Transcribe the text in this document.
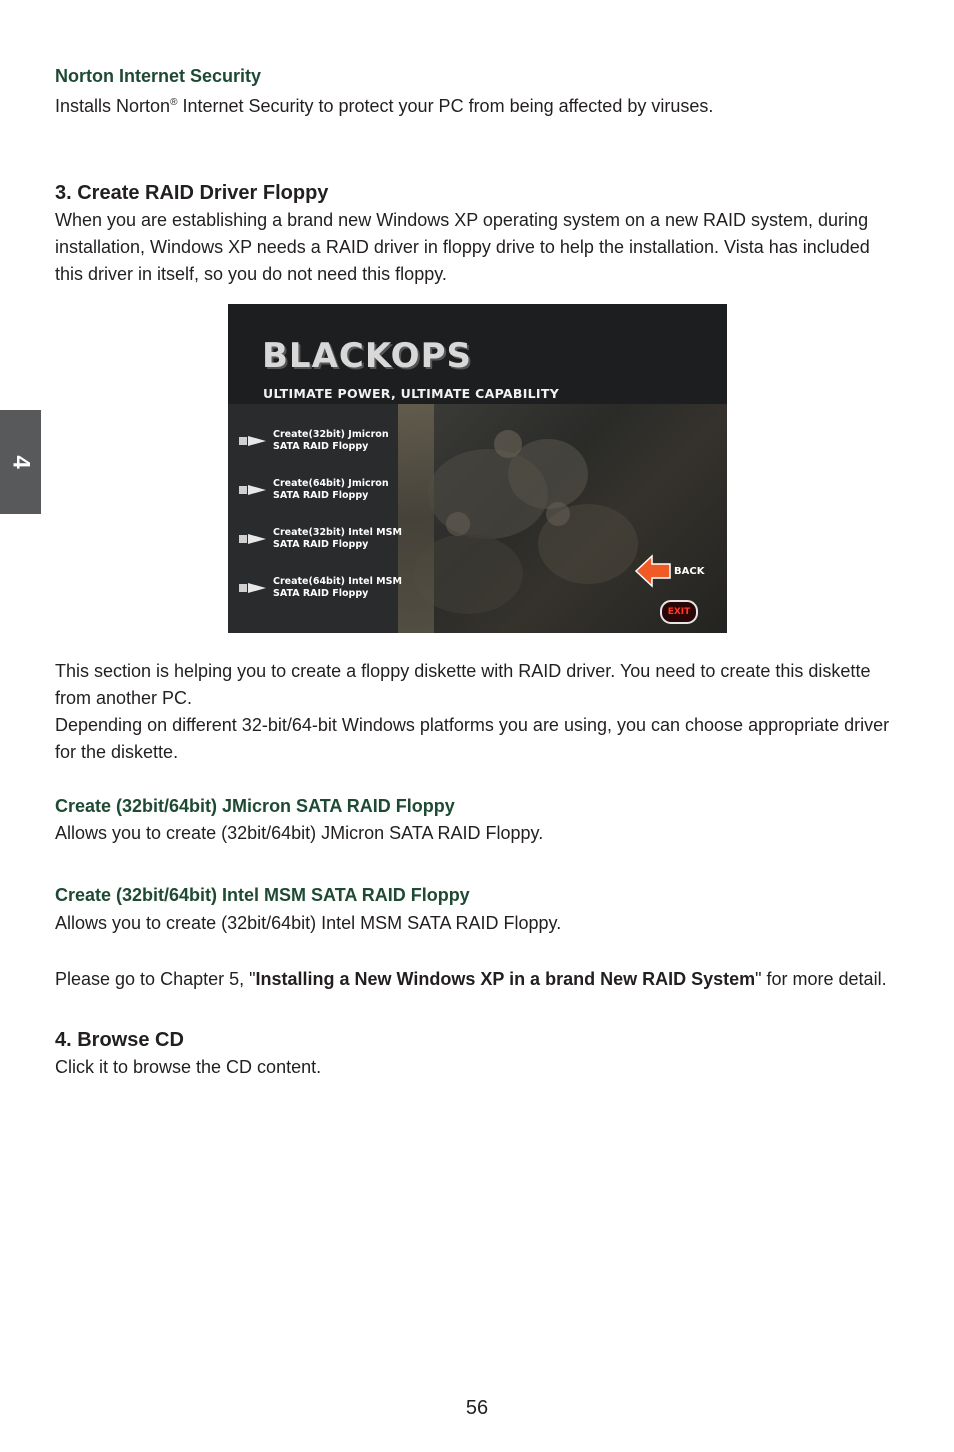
4

Norton Internet Security

Installs Norton® Internet Security to protect your PC from being affected by viruses.

3. Create RAID Driver Floppy

When you are establishing a brand new Windows XP operating system on a new RAID system, during installation, Windows XP needs a RAID driver in floppy drive to help the installation. Vista has included this driver in itself, so you do not need this floppy.

BLACKOPS
ULTIMATE POWER, ULTIMATE CAPABILITY
Create(32bit) Jmicron
SATA RAID Floppy
Create(64bit) Jmicron
SATA RAID Floppy
Create(32bit) Intel MSM
SATA RAID Floppy
Create(64bit) Intel MSM
SATA RAID Floppy
BACK
EXIT

This section is helping you to create a floppy diskette with RAID driver. You need to create this diskette from another PC.

Depending on different 32-bit/64-bit Windows platforms you are using, you can choose appropriate driver for the diskette.

Create (32bit/64bit) JMicron SATA RAID Floppy

Allows you to create (32bit/64bit) JMicron SATA RAID Floppy.

Create (32bit/64bit) Intel MSM SATA RAID Floppy

Allows you to create (32bit/64bit) Intel MSM SATA RAID Floppy.

Please go to Chapter 5, "Installing a New Windows XP in a brand New RAID System" for more detail.

4. Browse CD

Click it to browse the CD content.

56
